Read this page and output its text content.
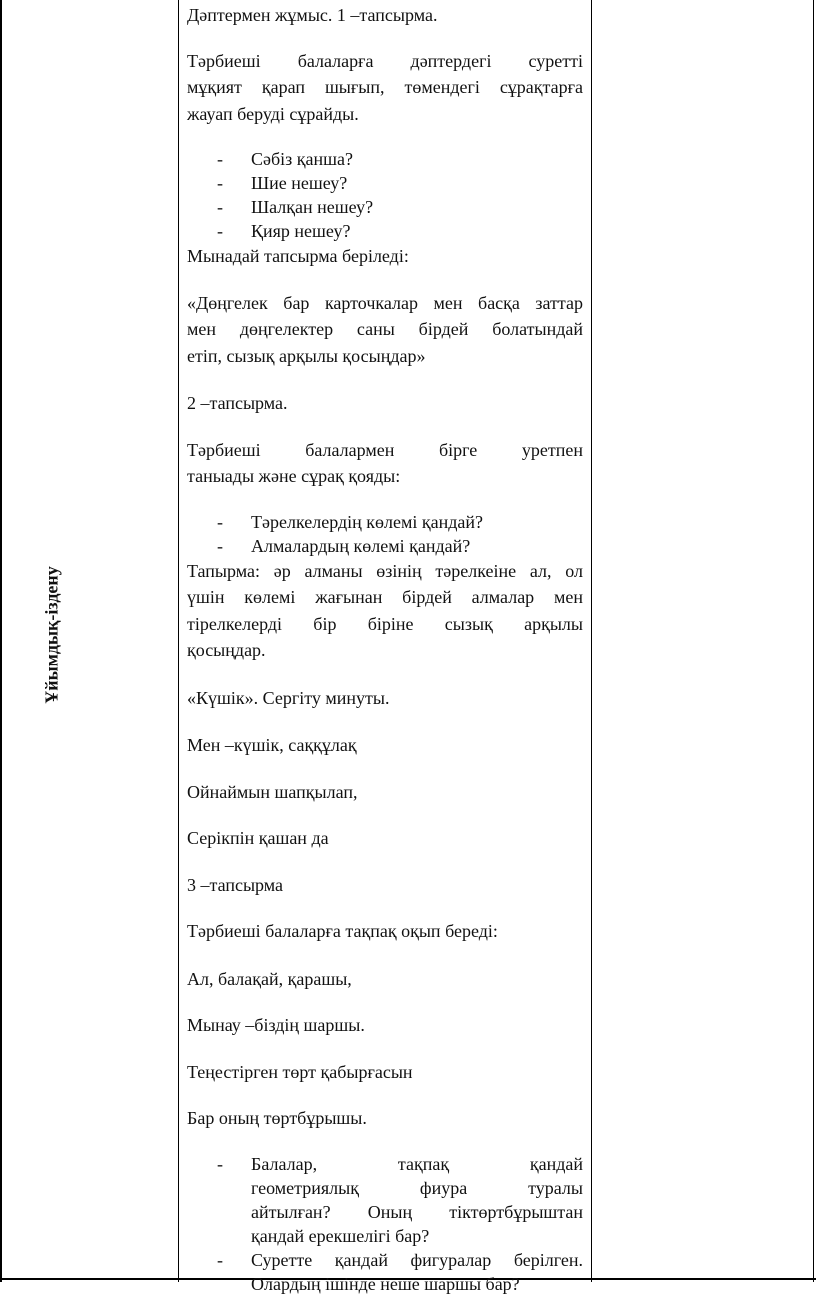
Ұйымдық-іздену

Дәптермен жұмыс. 1 –тапсырма.

Тәрбиеші балаларға дәптердегі суретті

мұқият қарап шығып, төмендегі сұрақтарға

жауап беруді сұрайды.

- Сәбіз қанша?
- Шие нешеу?
- Шалқан нешеу?
- Қияр нешеу?

Мынадай тапсырма беріледі:

«Дөңгелек бар карточкалар мен басқа заттар

мен дөңгелектер саны бірдей болатындай

етіп, сызық арқылы қосыңдар»

2 –тапсырма.

Тәрбиеші балалармен бірге уретпен

таныады және сұрақ қояды:

- Тәрелкелердің көлемі қандай?
- Алмалардың көлемі қандай?

Тапырма: әр алманы өзінің тәрелкеіне ал, ол

үшін көлемі жағынан бірдей алмалар мен

тірелкелерді бір біріне сызық арқылы

қосыңдар.

«Күшік». Сергіту минуты.

Мен –күшік, саққұлақ

Ойнаймын шапқылап,

Серікпін қашан да

3 –тапсырма

Тәрбиеші балаларға тақпақ оқып береді:

Ал, балақай, қарашы,

Мынау –біздің шаршы.

Теңестірген төрт қабырғасын

Бар оның төртбұрышы.

- Балалар, тақпақ қандай

геометриялық фиура туралы

айтылған? Оның тіктөртбұрыштан

қандай ерекшелігі бар?

- Суретте қандай фигуралар берілген.

Олардың ішінде неше шаршы бар?
